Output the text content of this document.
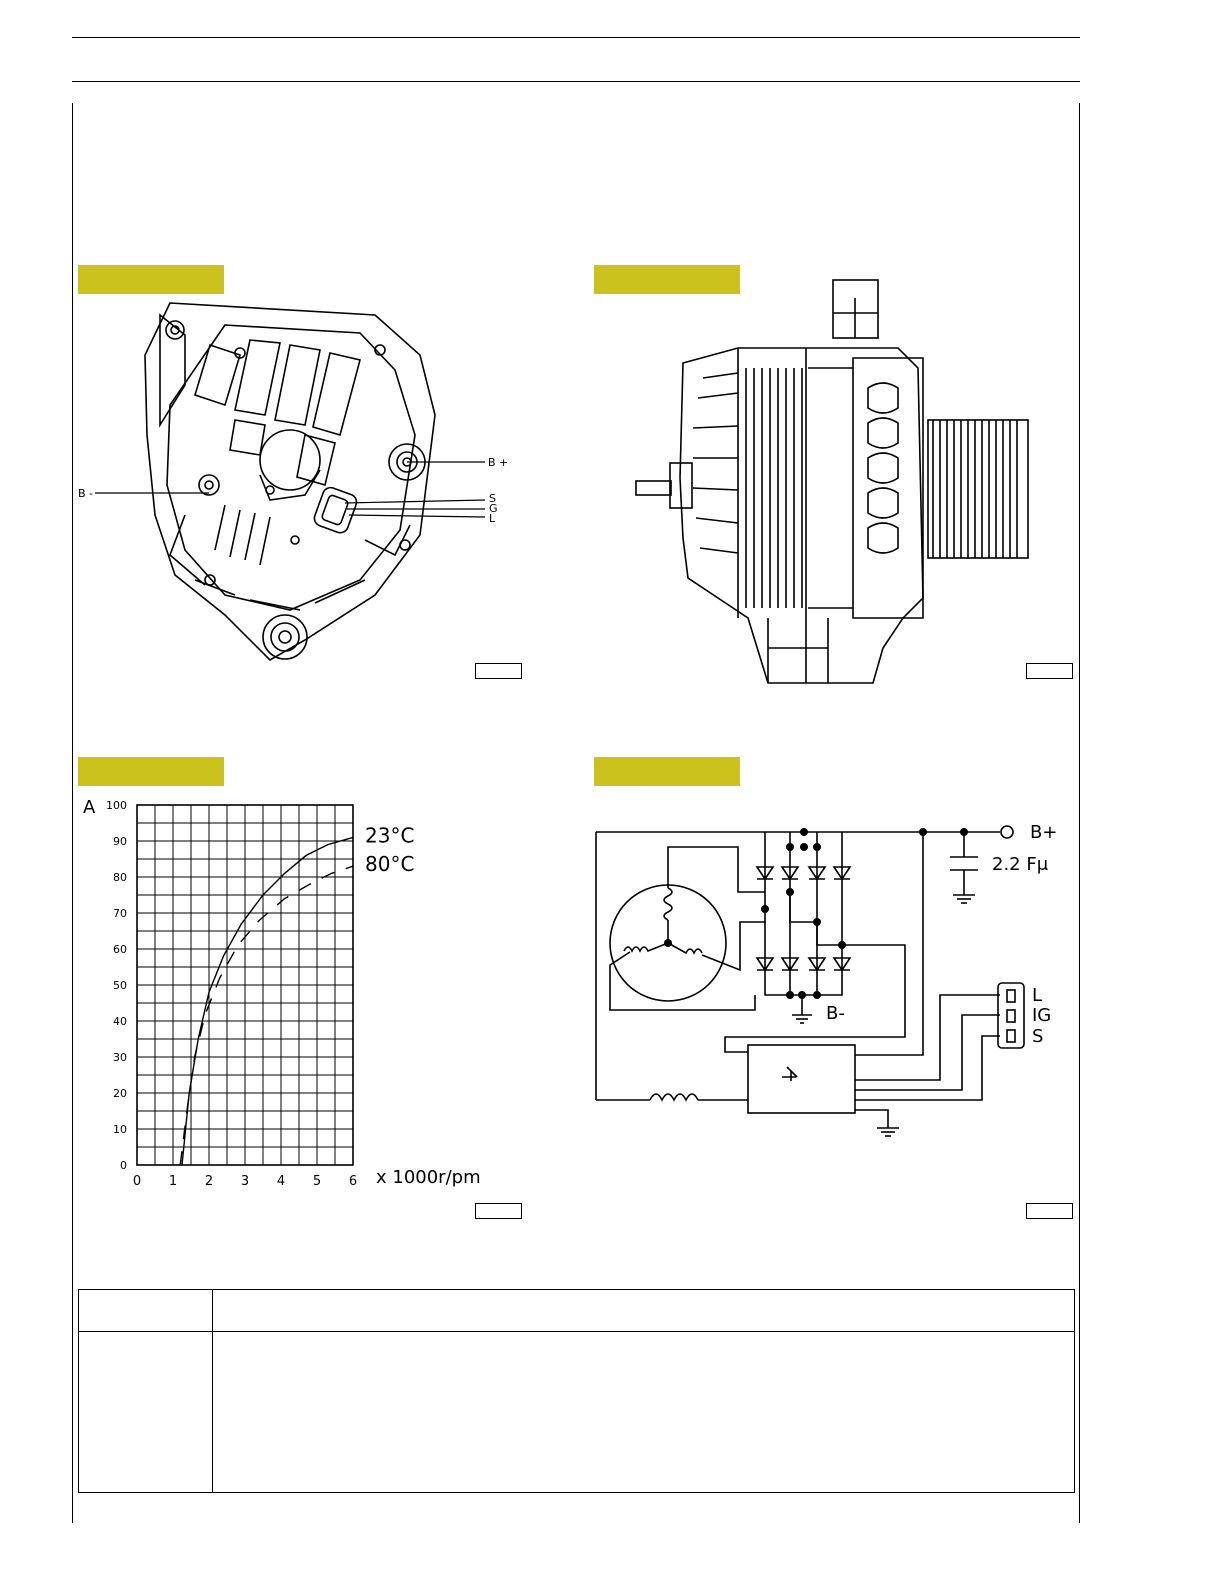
B +
B -	S
G
L
0 1 2 3 4 5 6
0
10
20
30
40
50
60
70
80
90
100
A
x 1000r/pm
23°C
80°C
B+
2.2 Fμ
B-
L
IG
S
